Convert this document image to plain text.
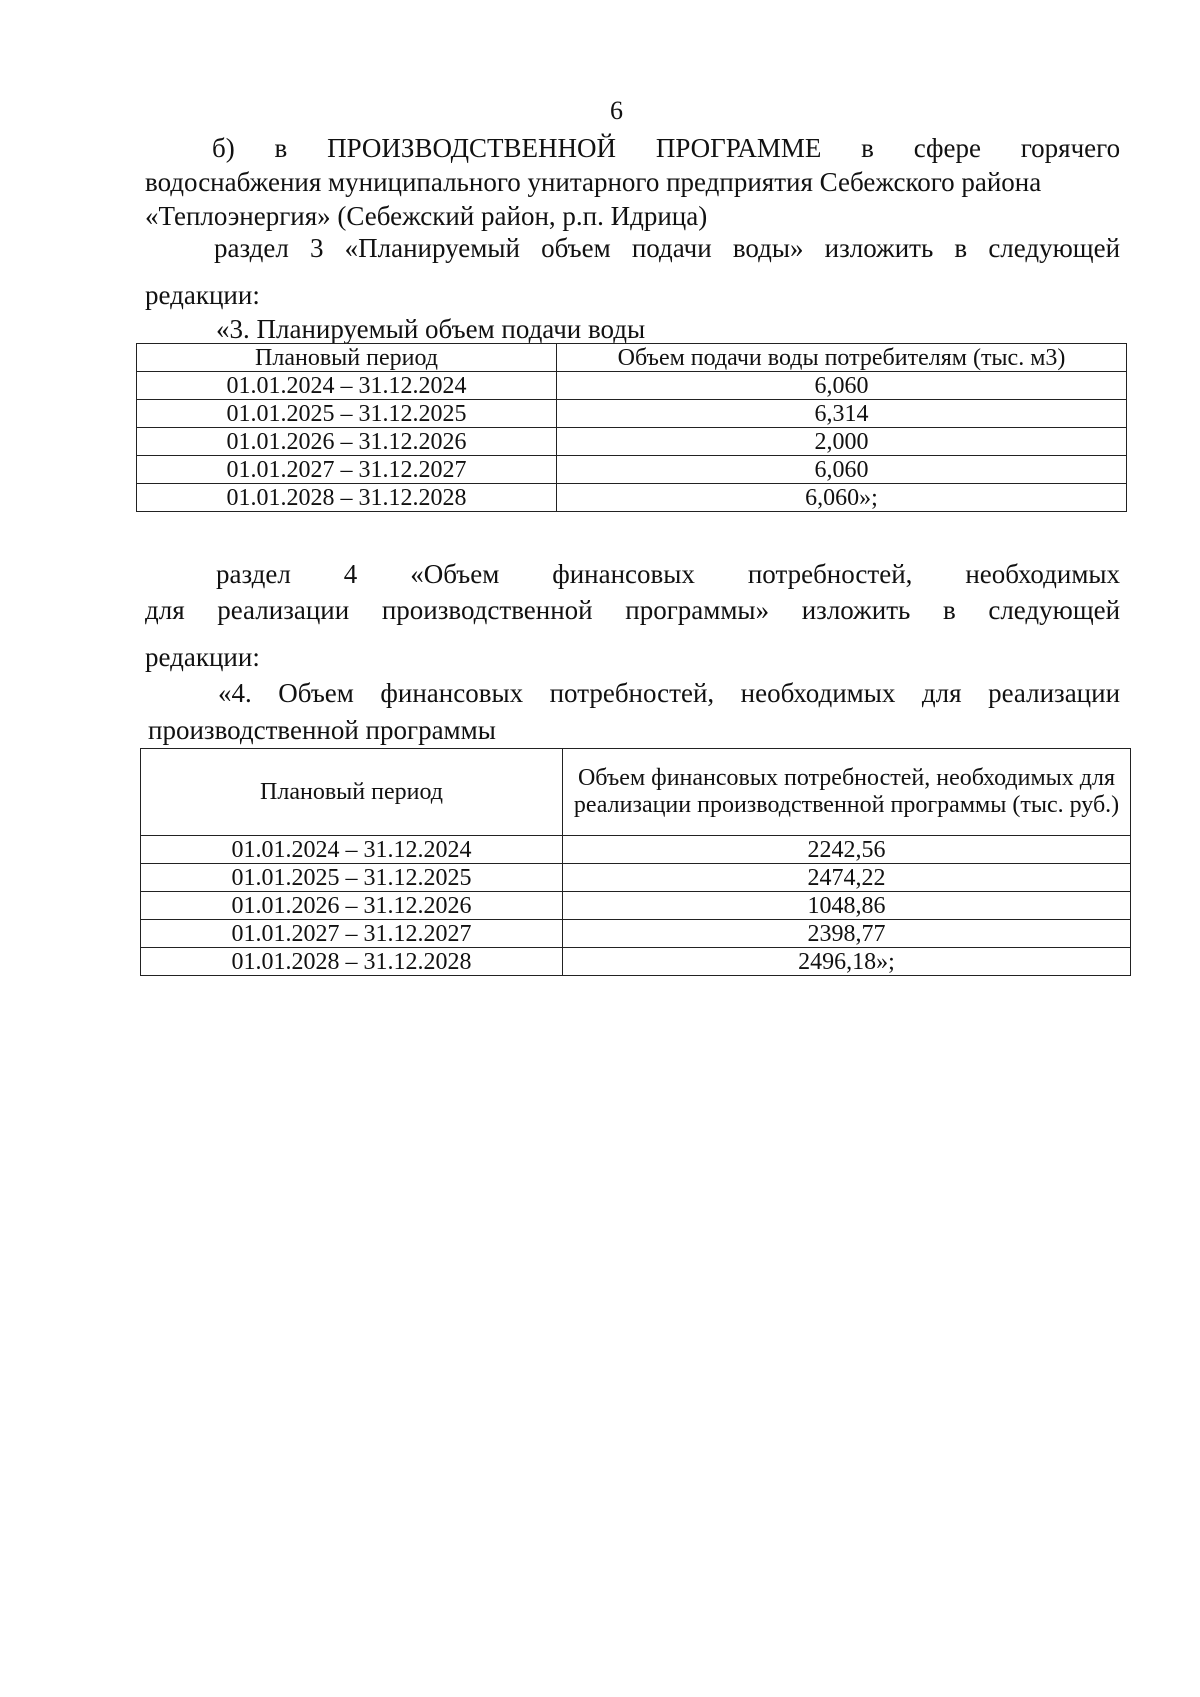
6
б) в ПРОИЗВОДСТВЕННОЙ ПРОГРАММЕ в сфере горячего
водоснабжения муниципального унитарного предприятия Себежского района
«Теплоэнергия» (Себежский район, р.п. Идрица)
раздел 3 «Планируемый объем подачи воды» изложить в следующей
редакции:
«3. Планируемый объем подачи воды
Плановый период	Объем подачи воды потребителям (тыс. м3)
01.01.2024 – 31.12.2024	6,060
01.01.2025 – 31.12.2025	6,314
01.01.2026 – 31.12.2026	2,000
01.01.2027 – 31.12.2027	6,060
01.01.2028 – 31.12.2028	6,060»;
раздел 4 «Объем финансовых потребностей, необходимых
для реализации производственной программы» изложить в следующей
редакции:
«4. Объем финансовых потребностей, необходимых для реализации
производственной программы
Плановый период	Объем финансовых потребностей, необходимых для реализации производственной программы (тыс. руб.)
01.01.2024 – 31.12.2024	2242,56
01.01.2025 – 31.12.2025	2474,22
01.01.2026 – 31.12.2026	1048,86
01.01.2027 – 31.12.2027	2398,77
01.01.2028 – 31.12.2028	2496,18»;
